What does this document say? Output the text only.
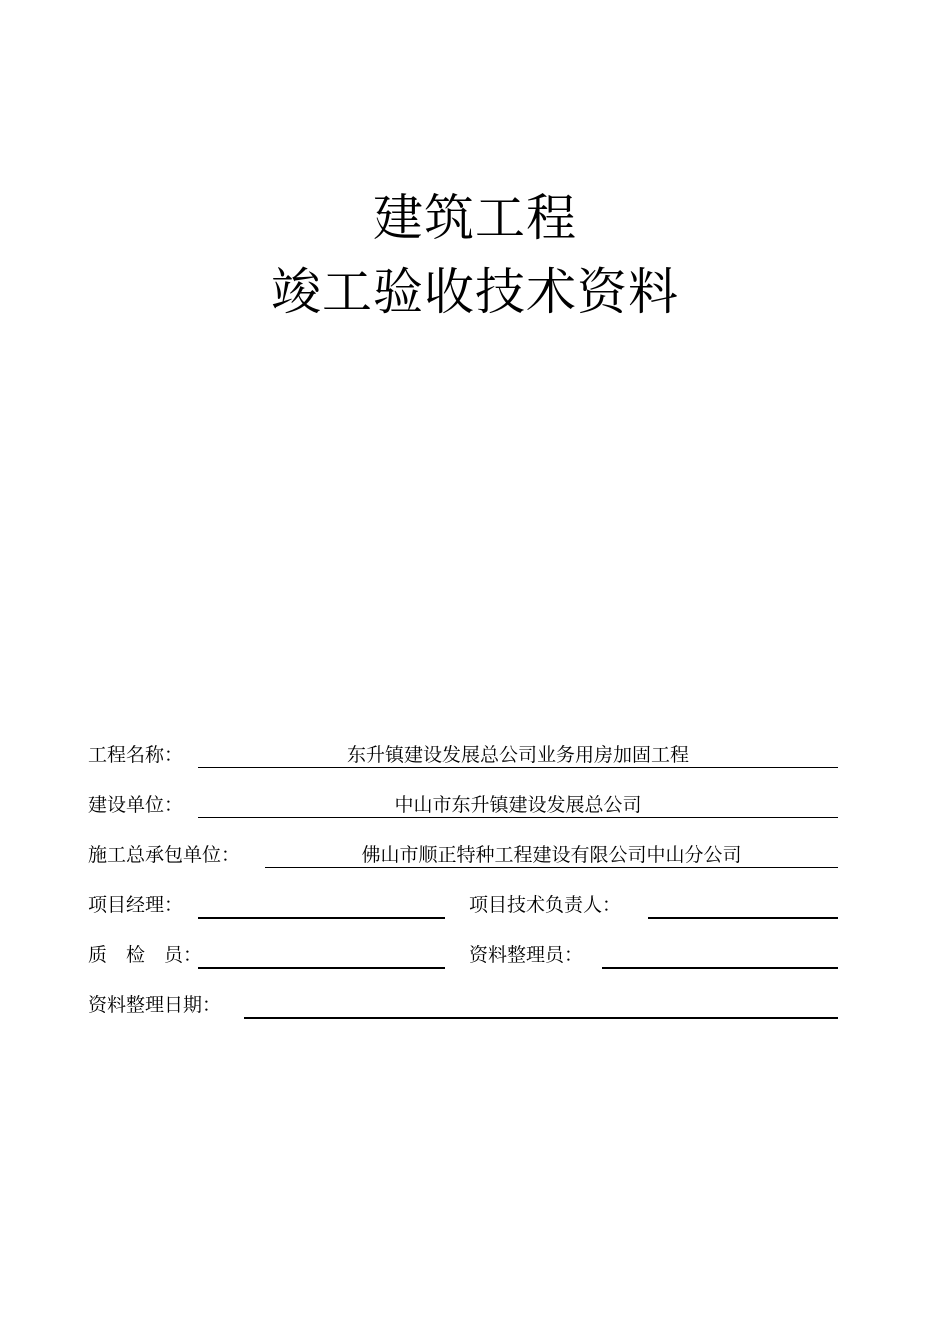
建筑工程
竣工验收技术资料
工程名称：	东升镇建设发展总公司业务用房加固工程
建设单位：	中山市东升镇建设发展总公司
施工总承包单位：	佛山市顺正特种工程建设有限公司中山分公司
项目经理：	项目技术负责人：
质　检　员：	资料整理员：
资料整理日期：
